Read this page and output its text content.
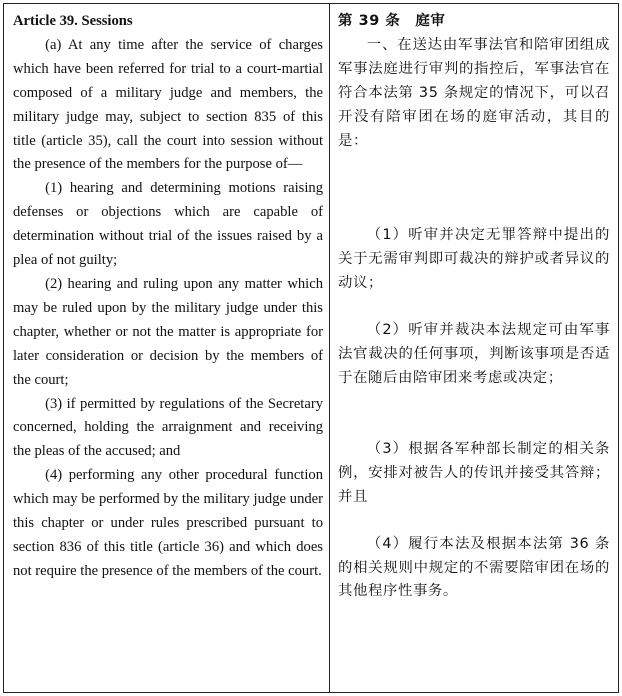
Article 39. Sessions

(a) At any time after the service of charges which have been referred for trial to a court-martial composed of a military judge and members, the military judge may, subject to section 835 of this title (article 35), call the court into session without the presence of the members for the purpose of—

(1) hearing and determining motions raising defenses or objections which are capable of determination without trial of the issues raised by a plea of not guilty;

(2) hearing and ruling upon any matter which may be ruled upon by the military judge under this chapter, whether or not the matter is appropriate for later consideration or decision by the members of the court;

(3) if permitted by regulations of the Secretary concerned, holding the arraignment and receiving the pleas of the accused; and

(4) performing any other procedural function which may be performed by the military judge under this chapter or under rules prescribed pursuant to section 836 of this title (article 36) and which does not require the presence of the members of the court.

第 39 条　庭审

一、在送达由军事法官和陪审团组成军事法庭进行审判的指控后，军事法官在符合本法第 35 条规定的情况下，可以召开没有陪审团在场的庭审活动，其目的是：

（1）听审并决定无罪答辩中提出的关于无需审判即可裁决的辩护或者异议的动议；

（2）听审并裁决本法规定可由军事法官裁决的任何事项，判断该事项是否适于在随后由陪审团来考虑或决定；

（3）根据各军种部长制定的相关条例，安排对被告人的传讯并接受其答辩；并且

（4）履行本法及根据本法第 36 条的相关规则中规定的不需要陪审团在场的其他程序性事务。
